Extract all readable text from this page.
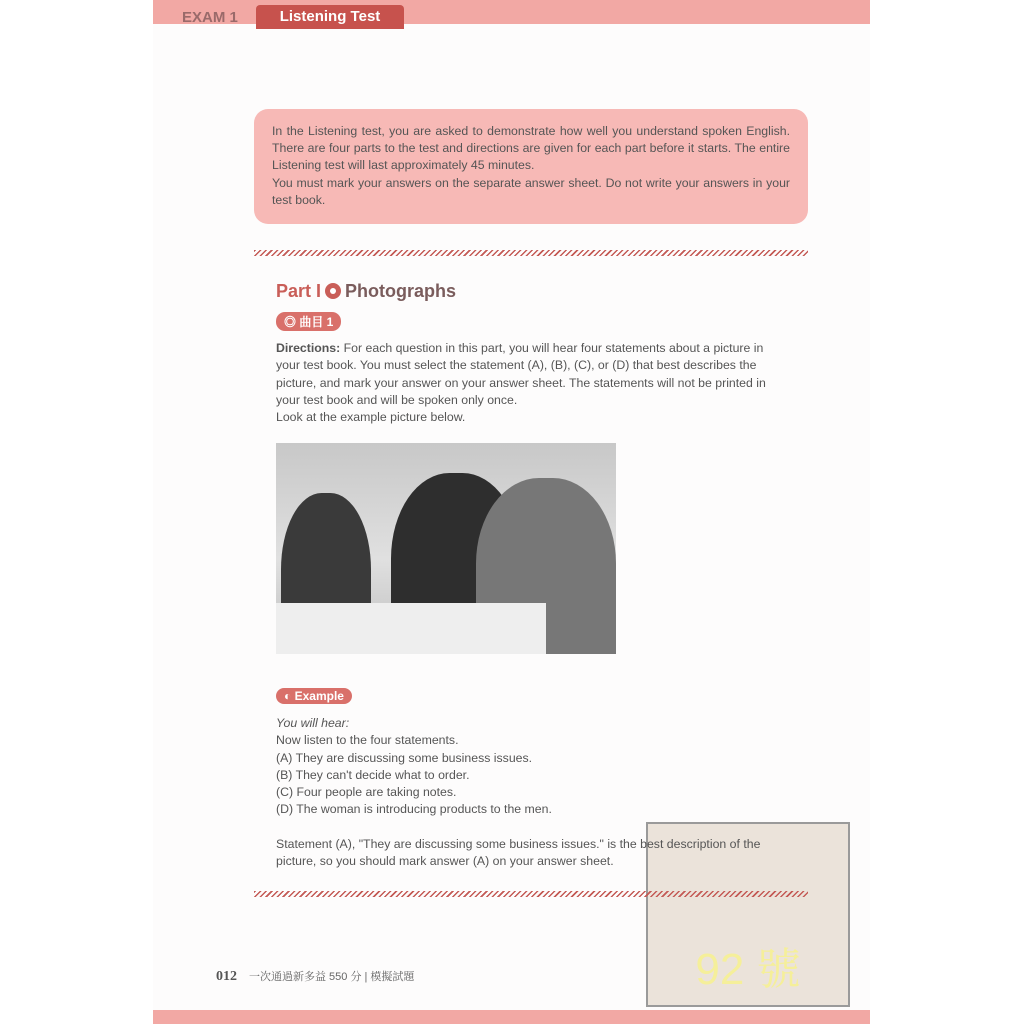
EXAM 1	Listening Test
In the Listening test, you are asked to demonstrate how well you understand spoken English. There are four parts to the test and directions are given for each part before it starts. The entire Listening test will last approximately 45 minutes.
You must mark your answers on the separate answer sheet. Do not write your answers in your test book.
Part I Photographs
◎ 曲目 1
Directions: For each question in this part, you will hear four statements about a picture in your test book. You must select the statement (A), (B), (C), or (D) that best describes the picture, and mark your answer on your answer sheet. The statements will not be printed in your test book and will be spoken only once.
Look at the example picture below.
◐ Example
92 號
You will hear:
Now listen to the four statements.
(A) They are discussing some business issues.
(B) They can't decide what to order.
(C) Four people are taking notes.
(D) The woman is introducing products to the men.
Statement (A), "They are discussing some business issues." is the best description of the picture, so you should mark answer (A) on your answer sheet.
012 一次通過新多益 550 分 | 模擬試題
